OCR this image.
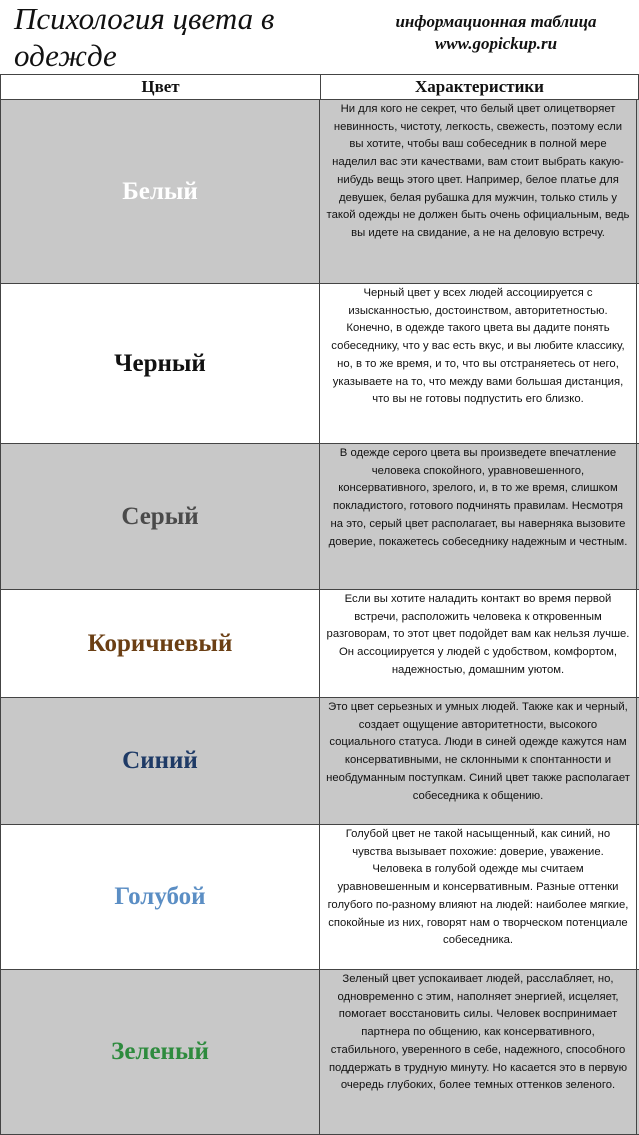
Психология цвета в одежде
информационная таблица
www.gopickup.ru
Цвет	Характеристики
Белый
Ни для кого не секрет, что белый цвет олицетворяет невинность, чистоту, легкость, свежесть, поэтому если вы хотите, чтобы ваш собеседник в полной мере наделил вас эти качествами, вам стоит выбрать какую-нибудь вещь этого цвет. Например, белое платье для девушек, белая рубашка для мужчин, только стиль у такой одежды не должен быть очень официальным, ведь вы идете на свидание, а не на деловую встречу.
Черный
Черный цвет у всех людей ассоциируется с изысканностью, достоинством, авторитетностью. Конечно, в одежде такого цвета вы дадите понять собеседнику, что у вас есть вкус, и вы любите классику, но, в то же время, и то, что вы отстраняетесь от него, указываете на то, что между вами большая дистанция, что вы не готовы подпустить его близко.
Серый
В одежде серого цвета вы произведете впечатление человека спокойного, уравновешенного, консервативного, зрелого, и, в то же время, слишком покладистого, готового подчинять правилам. Несмотря на это, серый цвет располагает, вы наверняка вызовите доверие, покажетесь собеседнику надежным и честным.
Коричневый
Если вы хотите наладить контакт во время первой встречи, расположить человека к откровенным разговорам, то этот цвет подойдет вам как нельзя лучше. Он ассоциируется у людей с удобством, комфортом, надежностью, домашним уютом.
Синий
Это цвет серьезных и умных людей. Также как и черный, создает ощущение авторитетности, высокого социального статуса. Люди в синей одежде кажутся нам консервативными, не склонными к спонтанности и необдуманным поступкам. Синий цвет также располагает собеседника к общению.
Голубой
Голубой цвет не такой насыщенный, как синий, но чувства вызывает похожие: доверие, уважение. Человека в голубой одежде мы считаем уравновешенным и консервативным. Разные оттенки голубого по-разному влияют на людей: наиболее мягкие, спокойные из них, говорят нам о творческом потенциале собеседника.
Зеленый
Зеленый цвет успокаивает людей, расслабляет, но, одновременно с этим, наполняет энергией, исцеляет, помогает восстановить силы. Человек воспринимает партнера по общению, как консервативного, стабильного, уверенного в себе, надежного, способного поддержать в трудную минуту. Но касается это в первую очередь глубоких, более темных оттенков зеленого.
